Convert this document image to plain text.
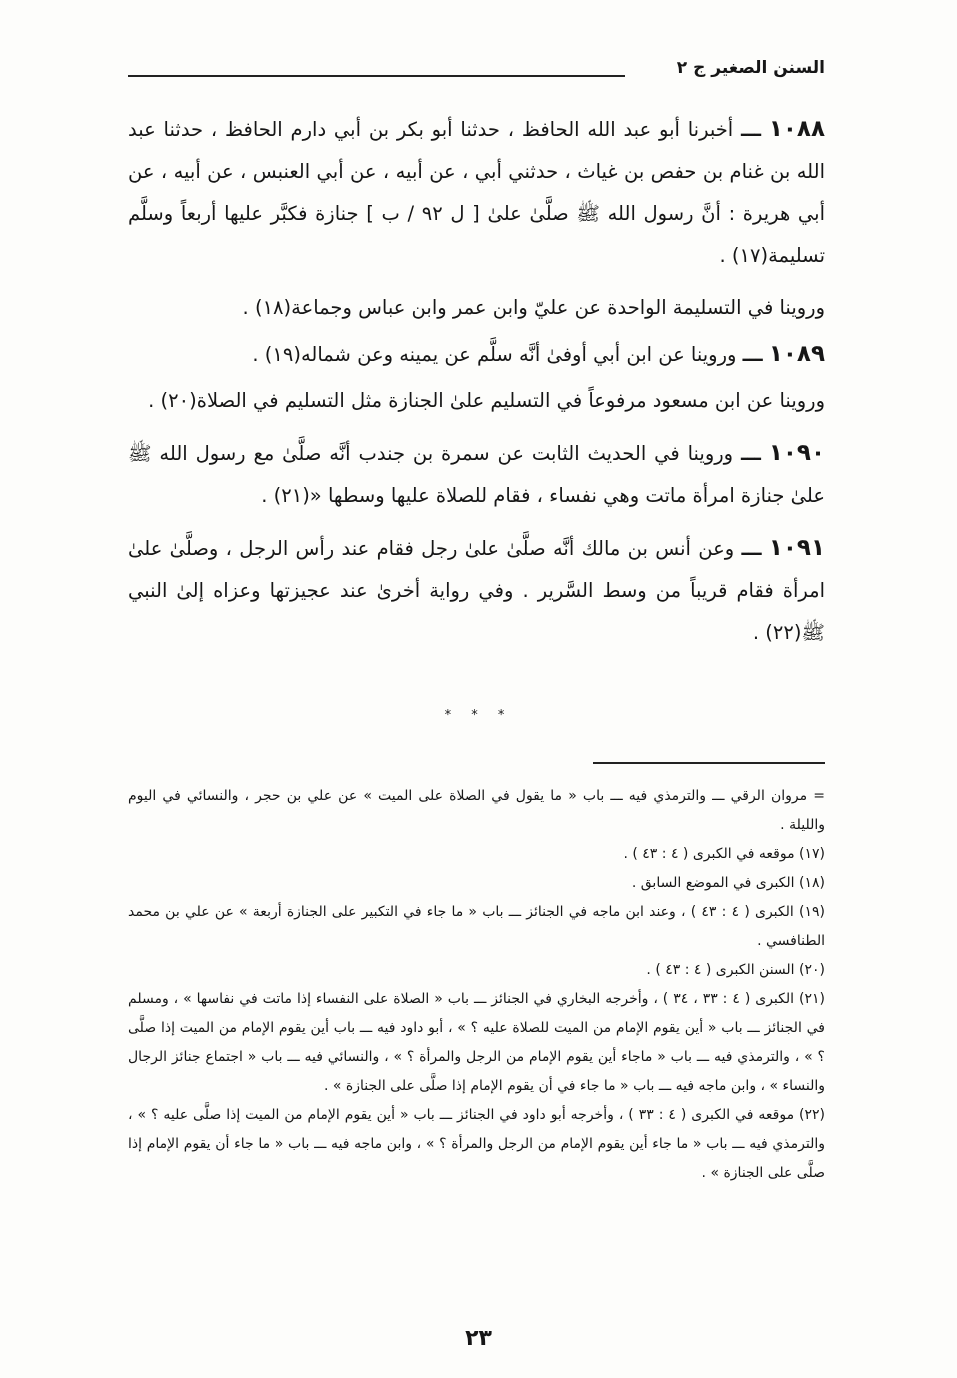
السنن الصغير ج ٢

١٠٨٨ ـــ أخبرنا أبو عبد الله الحافظ ، حدثنا أبو بكر بن أبي دارم الحافظ ، حدثنا عبد الله بن غنام بن حفص بن غياث ، حدثني أبي ، عن أبيه ، عن أبي العنبس ، عن أبيه ، عن أبي هريرة : أنَّ رسول الله ﷺ صلَّىٰ علىٰ [ ل ٩٢ / ب ] جنازة فكبَّر عليها أربعاً وسلَّم تسليمة(١٧) .

وروينا في التسليمة الواحدة عن عليّ وابن عمر وابن عباس وجماعة(١٨) .

١٠٨٩ ـــ وروينا عن ابن أبي أوفىٰ أنَّه سلَّم عن يمينه وعن شماله(١٩) .

وروينا عن ابن مسعود مرفوعاً في التسليم علىٰ الجنازة مثل التسليم في الصلاة(٢٠) .

١٠٩٠ ـــ وروينا في الحديث الثابت عن سمرة بن جندب أنَّه صلَّىٰ مع رسول الله ﷺ علىٰ جنازة امرأة ماتت وهي نفساء ، فقام للصلاة عليها وسطها «(٢١) .

١٠٩١ ـــ وعن أنس بن مالك أنَّه صلَّىٰ علىٰ رجل فقام عند رأس الرجل ، وصلَّىٰ علىٰ امرأة فقام قريباً من وسط السَّرير . وفي رواية أخرىٰ عند عجيزتها وعزاه إلىٰ النبي ﷺ(٢٢) .

* * *

= مروان الرقي ـــ والترمذي فيه ـــ باب « ما يقول في الصلاة على الميت » عن علي بن حجر ، والنسائي في اليوم والليلة .

(١٧) موقعه في الكبرى ( ٤ : ٤٣ ) .

(١٨) الكبرى في الموضع السابق .

(١٩) الكبرى ( ٤ : ٤٣ ) ، وعند ابن ماجه في الجنائز ـــ باب « ما جاء في التكبير على الجنازة أربعة » عن علي بن محمد الطنافسي .

(٢٠) السنن الكبرى ( ٤ : ٤٣ ) .

(٢١) الكبرى ( ٤ : ٣٣ ، ٣٤ ) ، وأخرجه البخاري في الجنائز ـــ باب « الصلاة على النفساء إذا ماتت في نفاسها » ، ومسلم في الجنائز ـــ باب « أين يقوم الإمام من الميت للصلاة عليه ؟ » ، أبو داود فيه ـــ باب أين يقوم الإمام من الميت إذا صلَّى ؟ » ، والترمذي فيه ـــ باب « ماجاء أين يقوم الإمام من الرجل والمرأة ؟ » ، والنسائي فيه ـــ باب « اجتماع جنائز الرجال والنساء » ، وابن ماجه فيه ـــ باب « ما جاء في أن يقوم الإمام إذا صلَّى على الجنازة » .

(٢٢) موقعه في الكبرى ( ٤ : ٣٣ ) ، وأخرجه أبو داود في الجنائز ـــ باب « أين يقوم الإمام من الميت إذا صلَّى عليه ؟ » ، والترمذي فيه ـــ باب « ما جاء أين يقوم الإمام من الرجل والمرأة ؟ » ، وابن ماجه فيه ـــ باب « ما جاء أن يقوم الإمام إذا صلَّى على الجنازة » .

٢٣
